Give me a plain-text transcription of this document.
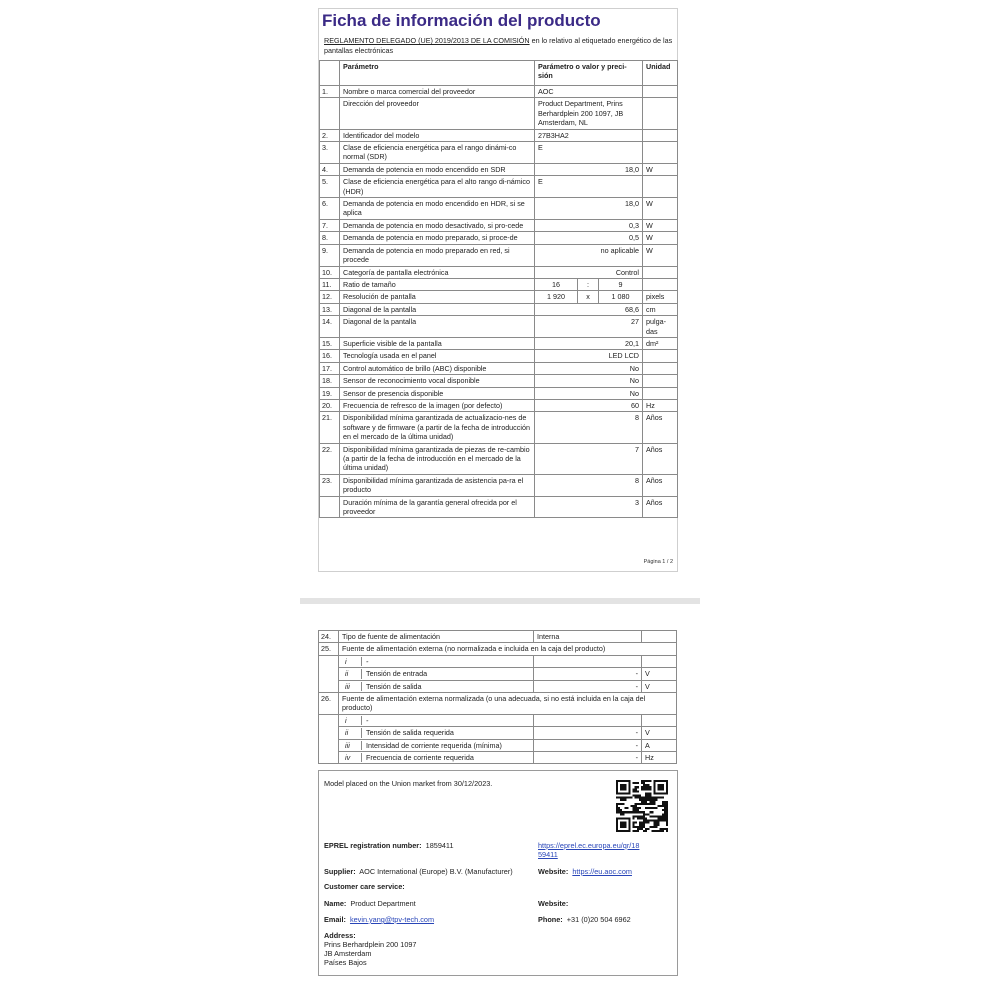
Ficha de información del producto
REGLAMENTO DELEGADO (UE) 2019/2013 DE LA COMISIÓN en lo relativo al etiquetado energético de las pantallas electrónicas
	Parámetro	Parámetro o valor y preci-sión	Unidad
1.	Nombre o marca comercial del proveedor	AOC	
	Dirección del proveedor	Product Department, Prins Berhardplein 200 1097, JB Amsterdam, NL	
2.	Identificador del modelo	27B3HA2	
3.	Clase de eficiencia energética para el rango dinámi-co normal (SDR)	E	
4.	Demanda de potencia en modo encendido en SDR	18,0	W
5.	Clase de eficiencia energética para el alto rango di-námico (HDR)	E	
6.	Demanda de potencia en modo encendido en HDR, si se aplica	18,0	W
7.	Demanda de potencia en modo desactivado, si pro-cede	0,3	W
8.	Demanda de potencia en modo preparado, si proce-de	0,5	W
9.	Demanda de potencia en modo preparado en red, si procede	no aplicable	W
10.	Categoría de pantalla electrónica	Control	
11.	Ratio de tamaño	16 : 9	

12.	Resolución de pantalla	1 920 x 1 080	pixels
13.	Diagonal de la pantalla	68,6	cm
14.	Diagonal de la pantalla	27	pulga-das
15.	Superficie visible de la pantalla	20,1	dm²
16.	Tecnología usada en el panel	LED LCD	
17.	Control automático de brillo (ABC) disponible	No	
18.	Sensor de reconocimiento vocal disponible	No	
19.	Sensor de presencia disponible	No	
20.	Frecuencia de refresco de la imagen (por defecto)	60	Hz
21.	Disponibilidad mínima garantizada de actualizacio-nes de software y de firmware (a partir de la fecha de introducción en el mercado de la última unidad)	8	Años
22.	Disponibilidad mínima garantizada de piezas de re-cambio (a partir de la fecha de introducción en el mercado de la última unidad)	7	Años
23.	Disponibilidad mínima garantizada de asistencia pa-ra el producto	8	Años
	Duración mínima de la garantía general ofrecida por el proveedor	3	Años
Página 1 / 2
24.	Tipo de fuente de alimentación	Interna	
25.	Fuente de alimentación externa (no normalizada e incluida en la caja del producto)		
	i -		
	ii Tensión de entrada	-	V
	iii Tensión de salida	-	V
26.	Fuente de alimentación externa normalizada (o una adecuada, si no está incluida en la caja del producto)		
	i -		
	ii Tensión de salida requerida	-	V
	iii Intensidad de corriente requerida (mínima)	-	A
	iv Frecuencia de corriente requerida	-	Hz
Model placed on the Union market from 30/12/2023.
EPREL registration number: 1859411	https://eprel.ec.europa.eu/qr/18
59411
Supplier: AOC International (Europe) B.V. (Manufacturer)	Website: https://eu.aoc.com
Customer care service:
Name: Product Department	Website:
Email: kevin.yang@tpv-tech.com	Phone: +31 (0)20 504 6962
Address:
Prins Berhardplein 200 1097
JB Amsterdam
Países Bajos
